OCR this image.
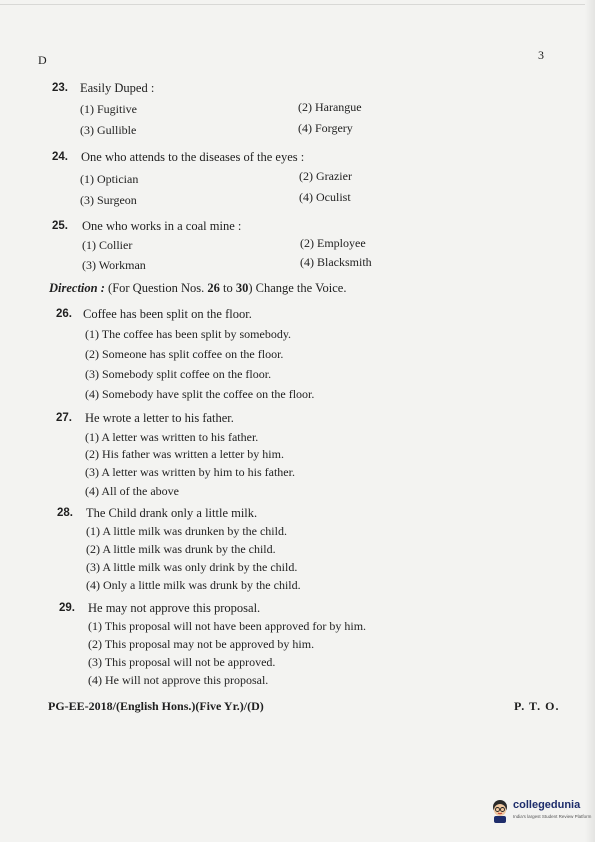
D	3
23. Easily Duped :
(1) Fugitive	(2) Harangue
(3) Gullible	(4) Forgery
24. One who attends to the diseases of the eyes :
(1) Optician	(2) Grazier
(3) Surgeon	(4) Oculist
25. One who works in a coal mine :
(1) Collier	(2) Employee
(3) Workman	(4) Blacksmith
Direction : (For Question Nos. 26 to 30) Change the Voice.
26. Coffee has been split on the floor.
(1) The coffee has been split by somebody.
(2) Someone has split coffee on the floor.
(3) Somebody split coffee on the floor.
(4) Somebody have split the coffee on the floor.
27. He wrote a letter to his father.
(1) A letter was written to his father.
(2) His father was written a letter by him.
(3) A letter was written by him to his father.
(4) All of the above
28. The Child drank only a little milk.
(1) A little milk was drunken by the child.
(2) A little milk was drunk by the child.
(3) A little milk was only drink by the child.
(4) Only a little milk was drunk by the child.
29. He may not approve this proposal.
(1) This proposal will not have been approved for by him.
(2) This proposal may not be approved by him.
(3) This proposal will not be approved.
(4) He will not approve this proposal.
PG-EE-2018/(English Hons.)(Five Yr.)/(D)	P. T. O.
collegedunia
India's largest Student Review Platform
